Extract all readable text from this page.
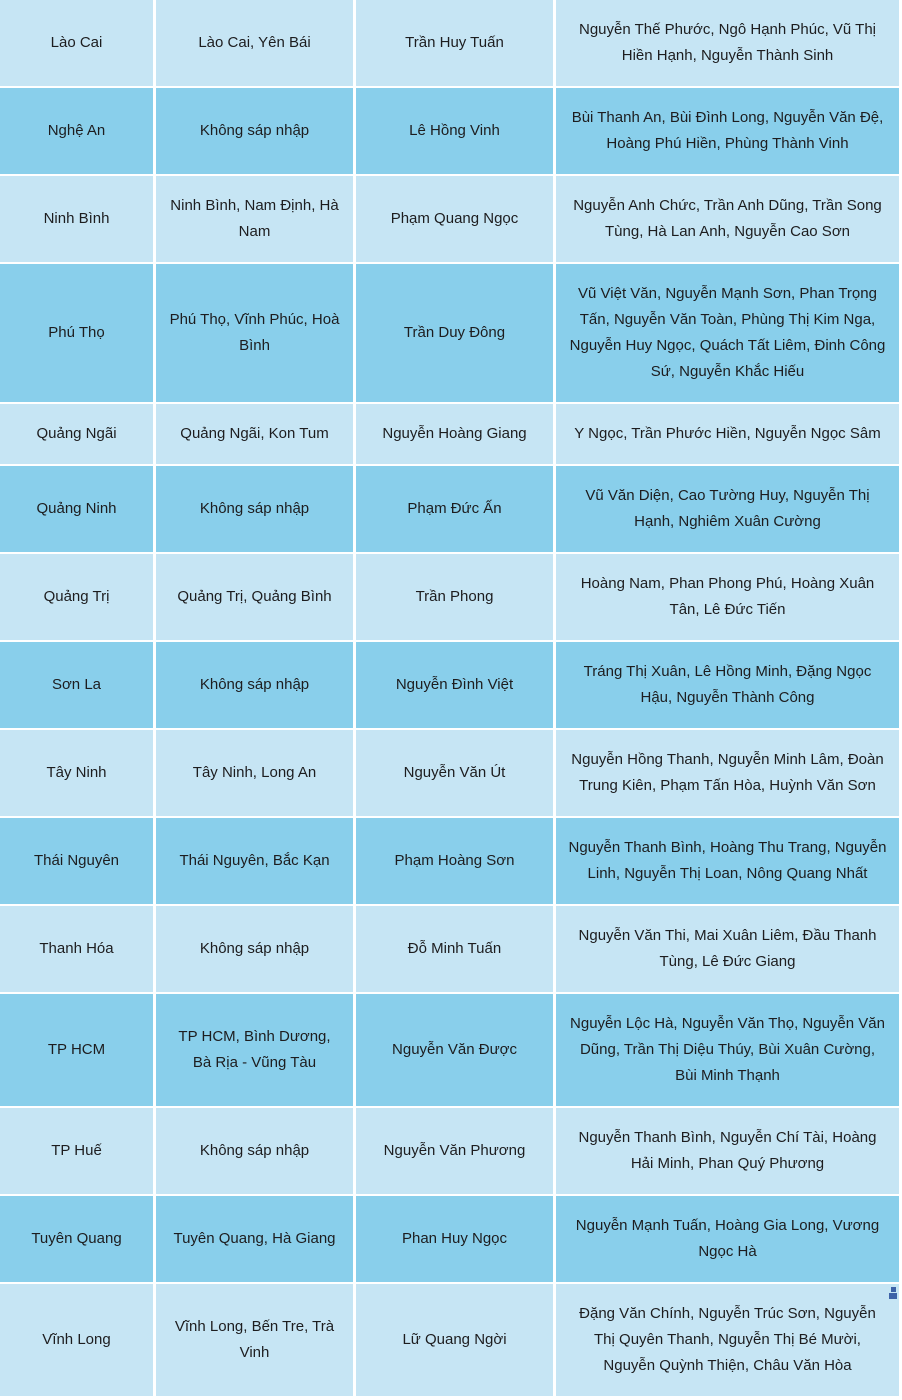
Lào Cai	Lào Cai, Yên Bái	Trần Huy Tuấn	Nguyễn Thế Phước, Ngô Hạnh Phúc, Vũ Thị Hiền Hạnh, Nguyễn Thành Sinh
Nghệ An	Không sáp nhập	Lê Hồng Vinh	Bùi Thanh An, Bùi Đình Long, Nguyễn Văn Đệ, Hoàng Phú Hiền, Phùng Thành Vinh
Ninh Bình	Ninh Bình, Nam Định, Hà Nam	Phạm Quang Ngọc	Nguyễn Anh Chức, Trần Anh Dũng, Trần Song Tùng, Hà Lan Anh, Nguyễn Cao Sơn
Phú Thọ	Phú Thọ, Vĩnh Phúc, Hoà Bình	Trần Duy Đông	Vũ Việt Văn, Nguyễn Mạnh Sơn, Phan Trọng Tấn, Nguyễn Văn Toàn, Phùng Thị Kim Nga, Nguyễn Huy Ngọc, Quách Tất Liêm, Đinh Công Sứ, Nguyễn Khắc Hiếu
Quảng Ngãi	Quảng Ngãi, Kon Tum	Nguyễn Hoàng Giang	Y Ngọc, Trần Phước Hiền, Nguyễn Ngọc Sâm
Quảng Ninh	Không sáp nhập	Phạm Đức Ấn	Vũ Văn Diện, Cao Tường Huy, Nguyễn Thị Hạnh, Nghiêm Xuân Cường
Quảng Trị	Quảng Trị, Quảng Bình	Trần Phong	Hoàng Nam, Phan Phong Phú, Hoàng Xuân Tân, Lê Đức Tiến
Sơn La	Không sáp nhập	Nguyễn Đình Việt	Tráng Thị Xuân, Lê Hồng Minh, Đặng Ngọc Hậu, Nguyễn Thành Công
Tây Ninh	Tây Ninh, Long An	Nguyễn Văn Út	Nguyễn Hồng Thanh, Nguyễn Minh Lâm, Đoàn Trung Kiên, Phạm Tấn Hòa, Huỳnh Văn Sơn
Thái Nguyên	Thái Nguyên, Bắc Kạn	Phạm Hoàng Sơn	Nguyễn Thanh Bình, Hoàng Thu Trang, Nguyễn Linh, Nguyễn Thị Loan, Nông Quang Nhất
Thanh Hóa	Không sáp nhập	Đỗ Minh Tuấn	Nguyễn Văn Thi, Mai Xuân Liêm, Đầu Thanh Tùng, Lê Đức Giang
TP HCM	TP HCM, Bình Dương, Bà Rịa - Vũng Tàu	Nguyễn Văn Được	Nguyễn Lộc Hà, Nguyễn Văn Thọ, Nguyễn Văn Dũng, Trần Thị Diệu Thúy, Bùi Xuân Cường, Bùi Minh Thạnh
TP Huế	Không sáp nhập	Nguyễn Văn Phương	Nguyễn Thanh Bình, Nguyễn Chí Tài, Hoàng Hải Minh, Phan Quý Phương
Tuyên Quang	Tuyên Quang, Hà Giang	Phan Huy Ngọc	Nguyễn Mạnh Tuấn, Hoàng Gia Long, Vương Ngọc Hà
Vĩnh Long	Vĩnh Long, Bến Tre, Trà Vinh	Lữ Quang Ngời	Đặng Văn Chính, Nguyễn Trúc Sơn, Nguyễn Thị Quyên Thanh, Nguyễn Thị Bé Mười, Nguyễn Quỳnh Thiện, Châu Văn Hòa
